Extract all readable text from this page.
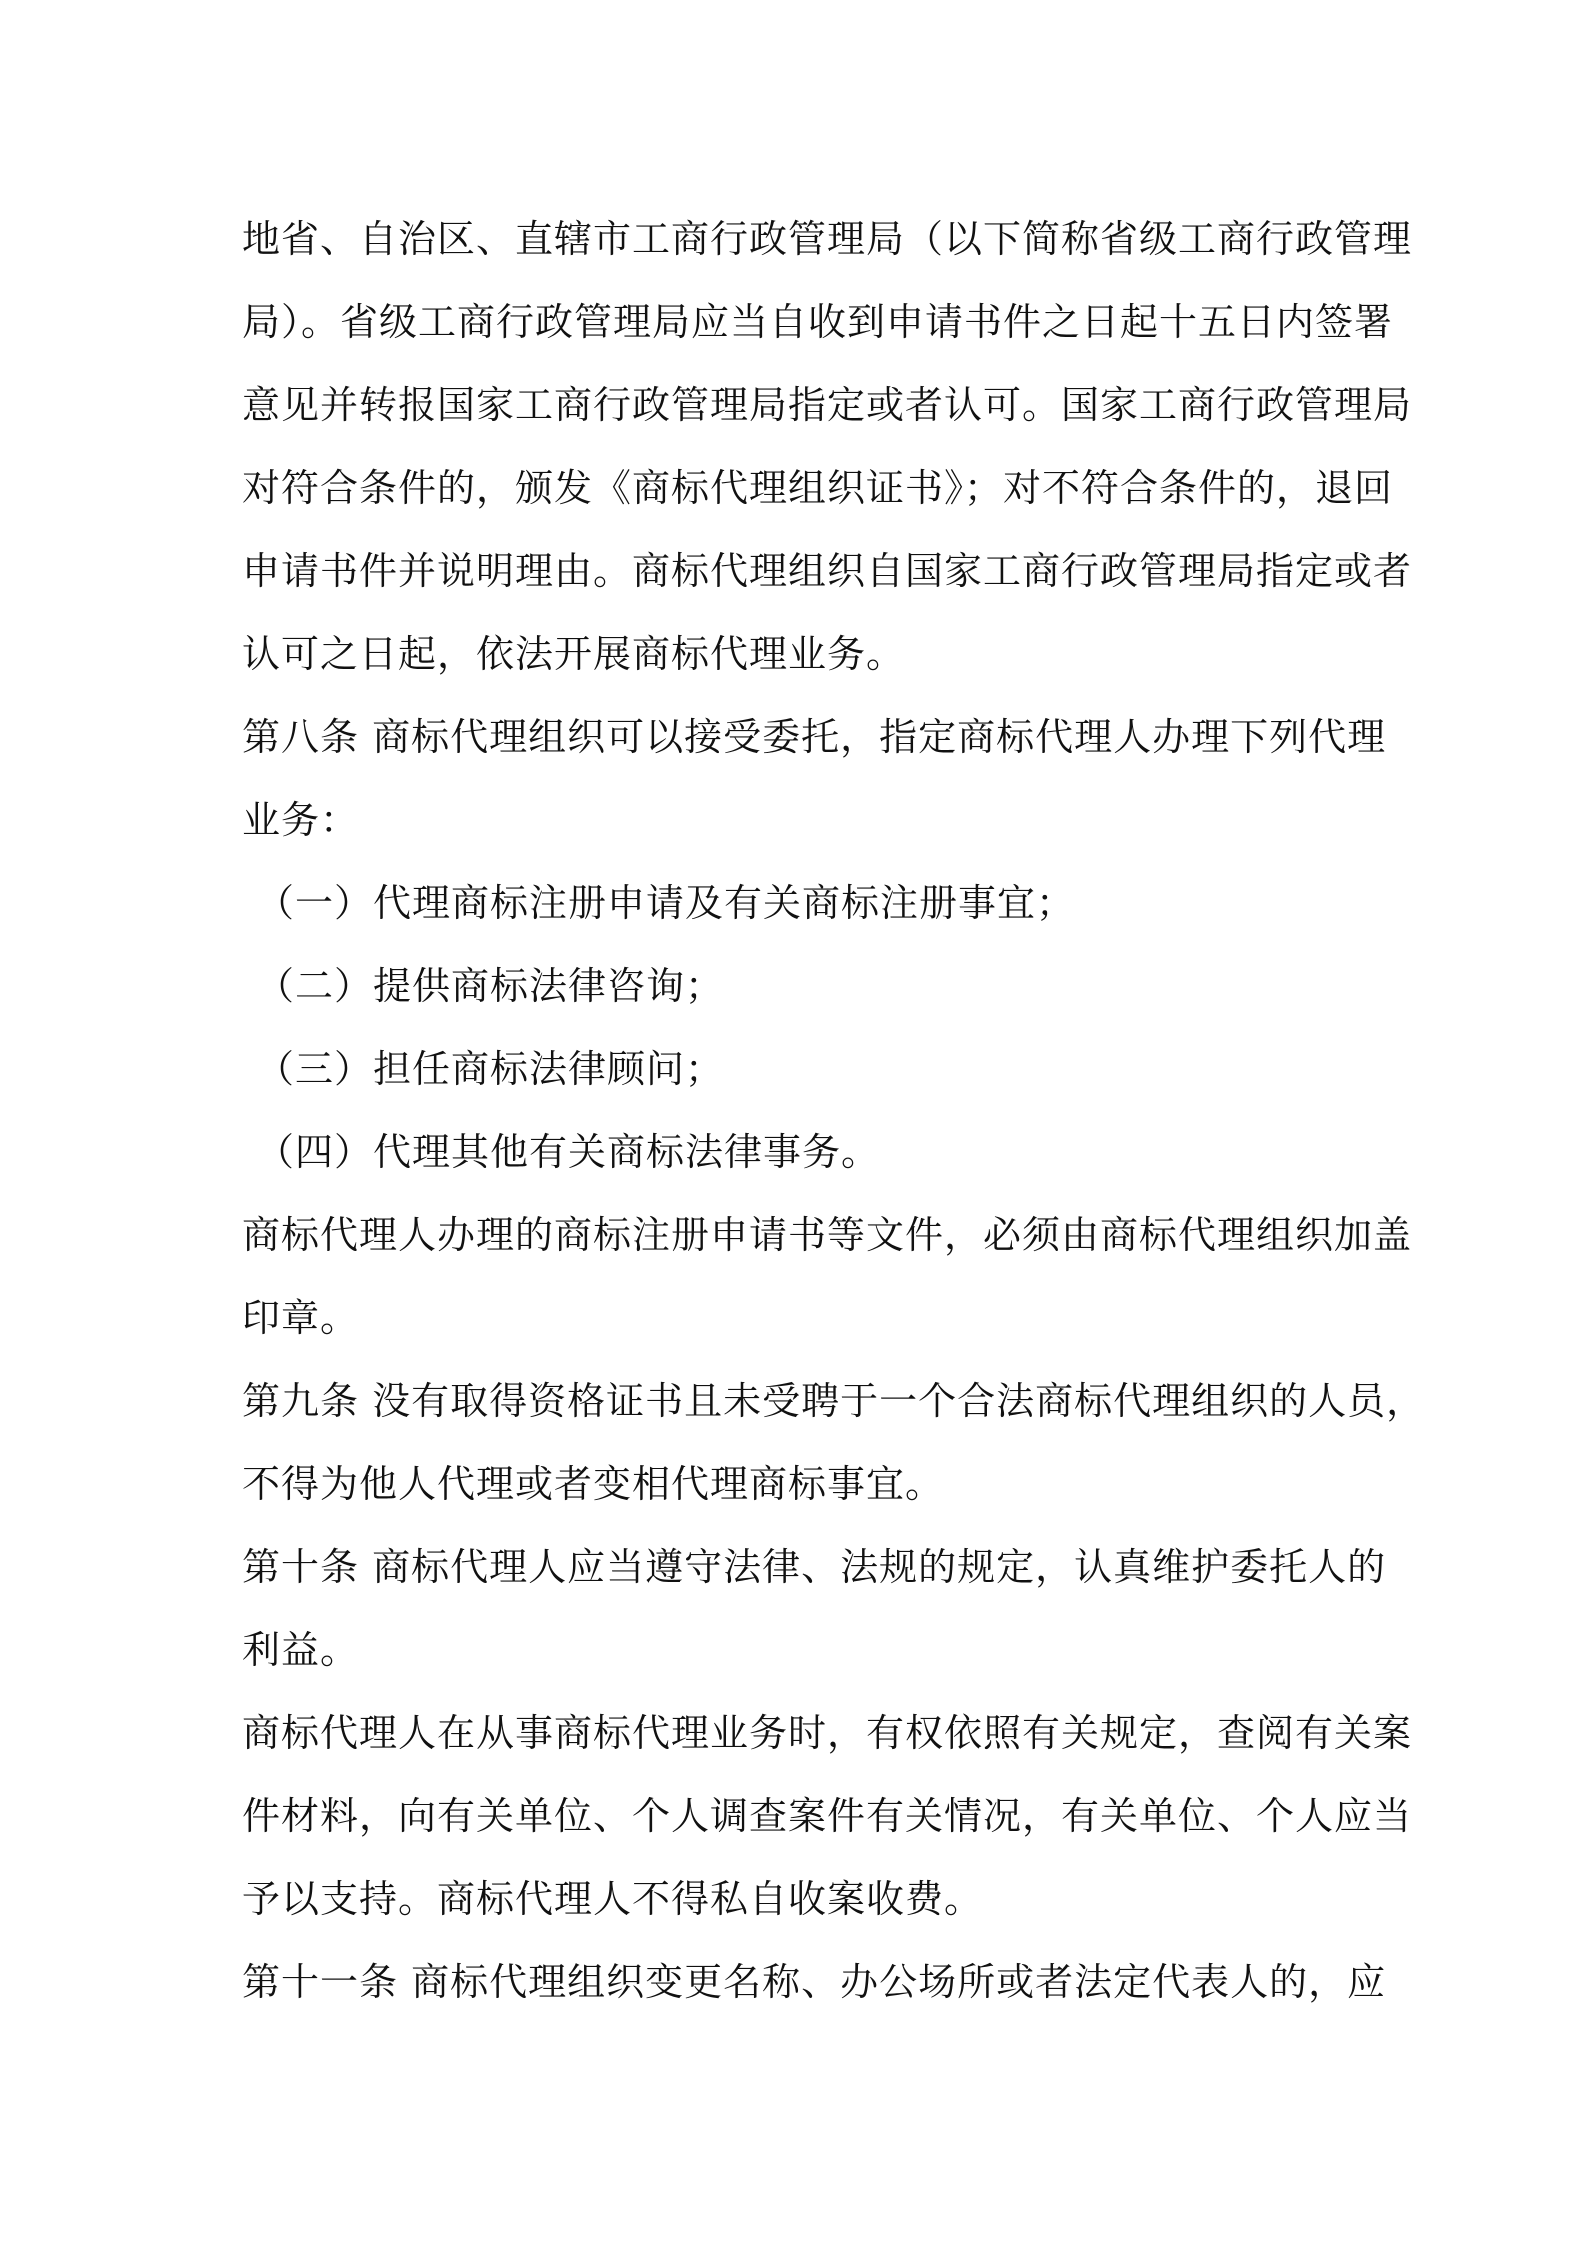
地省、自治区、直辖市工商行政管理局（以下简称省级工商行政管理
局）。省级工商行政管理局应当自收到申请书件之日起十五日内签署
意见并转报国家工商行政管理局指定或者认可。国家工商行政管理局
对符合条件的，颁发《商标代理组织证书》；对不符合条件的，退回
申请书件并说明理由。商标代理组织自国家工商行政管理局指定或者
认可之日起，依法开展商标代理业务。
第八条 商标代理组织可以接受委托，指定商标代理人办理下列代理
业务：
（一）代理商标注册申请及有关商标注册事宜；
（二）提供商标法律咨询；
（三）担任商标法律顾问；
（四）代理其他有关商标法律事务。
商标代理人办理的商标注册申请书等文件，必须由商标代理组织加盖
印章。
第九条 没有取得资格证书且未受聘于一个合法商标代理组织的人员，
不得为他人代理或者变相代理商标事宜。
第十条 商标代理人应当遵守法律、法规的规定，认真维护委托人的
利益。
商标代理人在从事商标代理业务时，有权依照有关规定，查阅有关案
件材料，向有关单位、个人调查案件有关情况，有关单位、个人应当
予以支持。商标代理人不得私自收案收费。
第十一条 商标代理组织变更名称、办公场所或者法定代表人的，应
